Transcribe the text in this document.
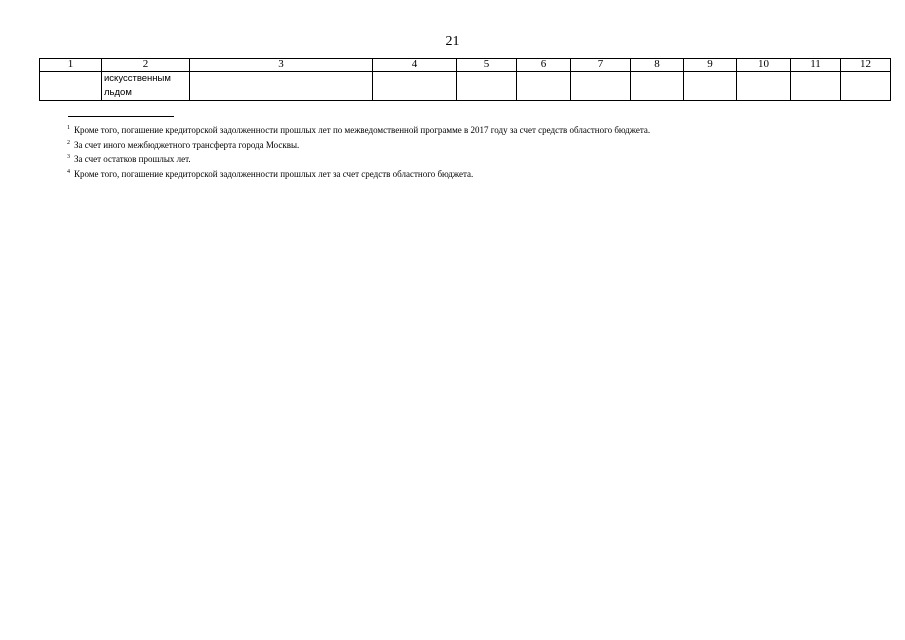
21
1	2	3	4	5	6	7	8	9	10	11	12

	искусственным льдом										

$^1$ Кроме того, погашение кредиторской задолженности прошлых лет по межведомственной программе в 2017 году за счет средств областного бюджета.
$^2$ За счет иного межбюджетного трансферта города Москвы.
$^3$ За счет остатков прошлых лет.
$^4$ Кроме того, погашение кредиторской задолженности прошлых лет за счет средств областного бюджета.
